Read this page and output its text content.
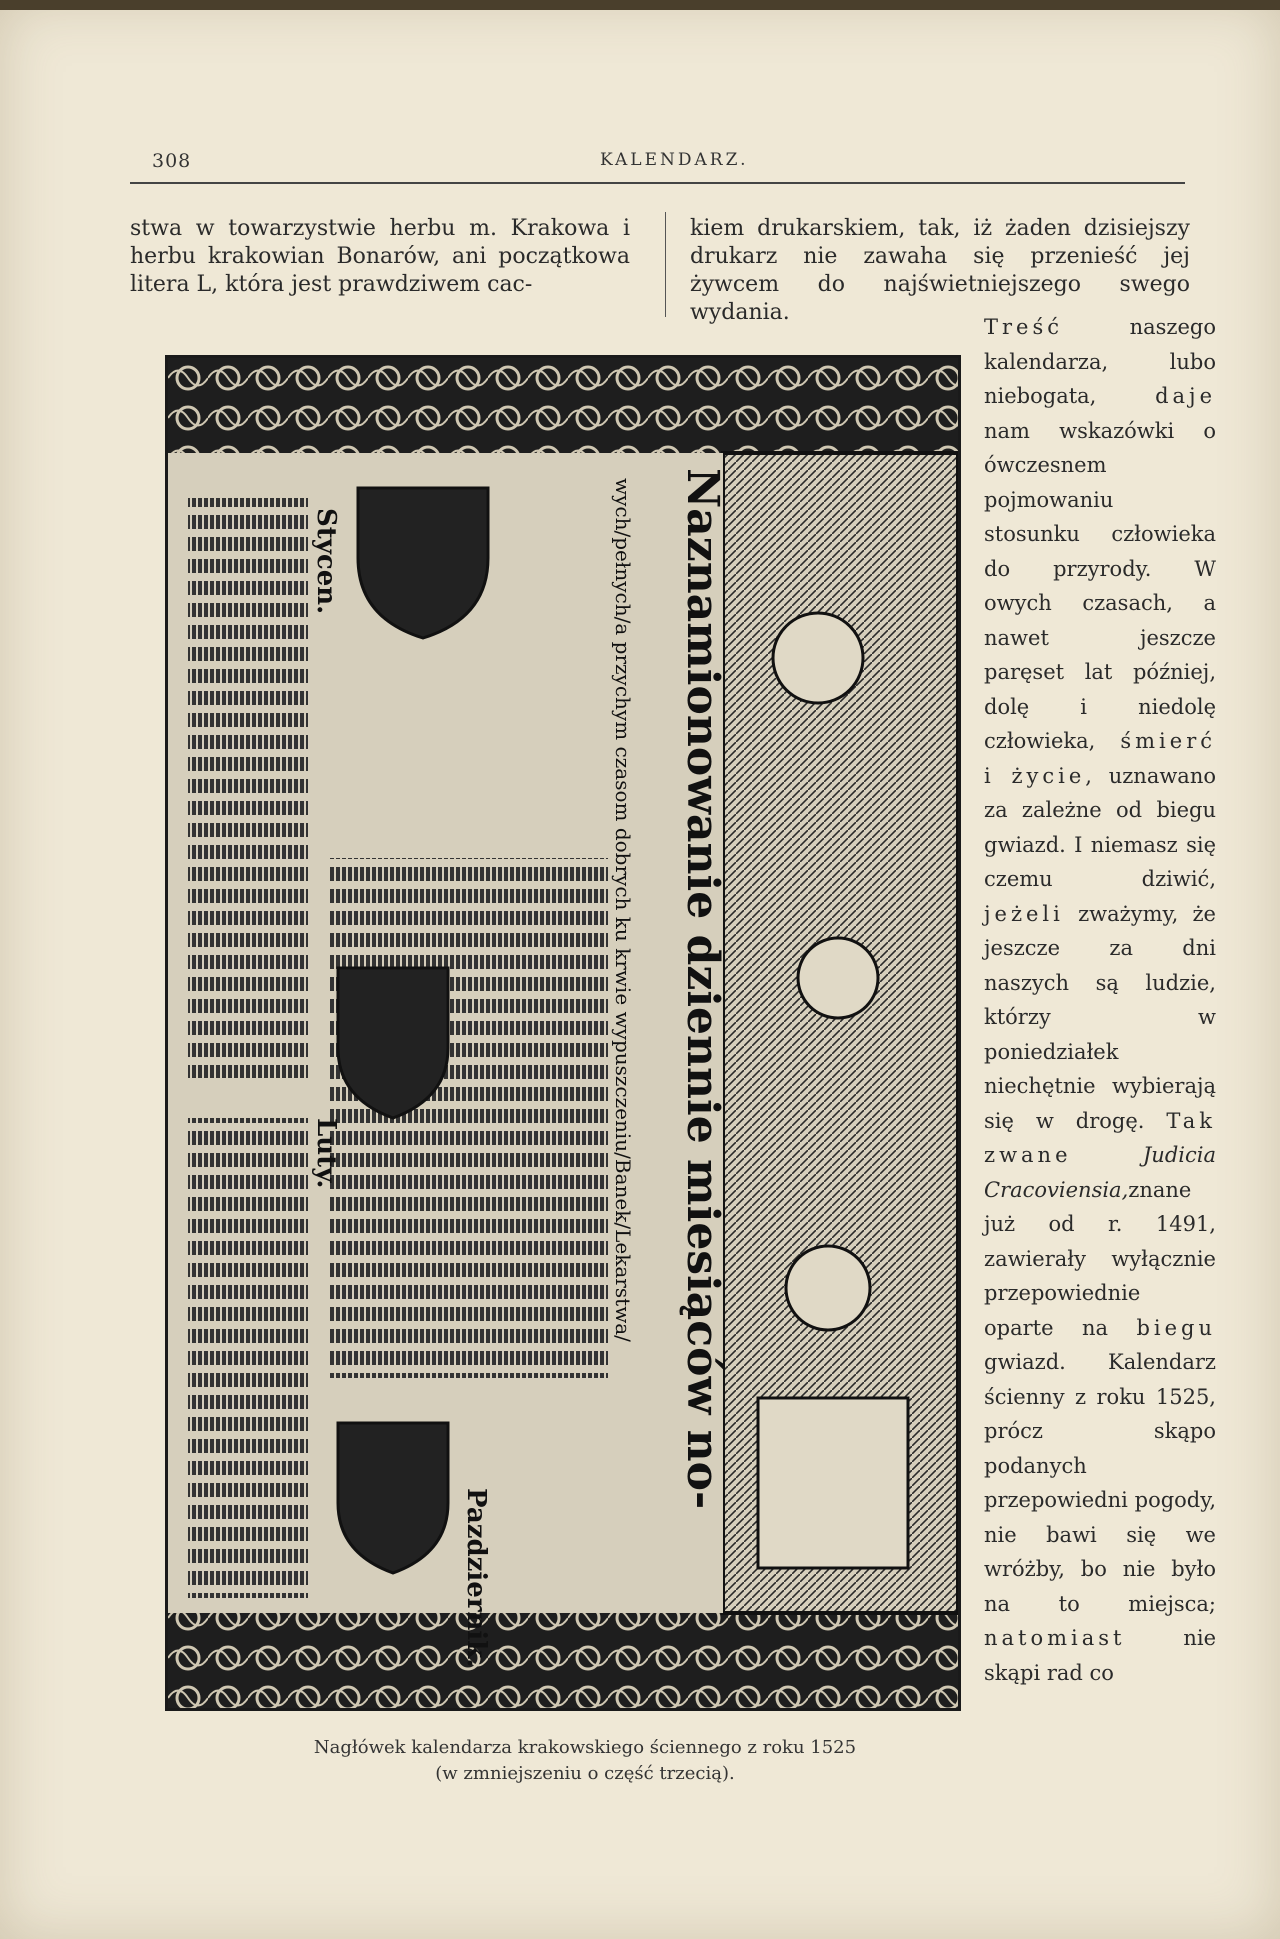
308	KALENDARZ.
stwa w towarzystwie herbu m. Krakowa i herbu krakowian Bonarów, ani początkowa litera L, która jest prawdziwem cac-
kiem drukarskiem, tak, iż żaden dzisiejszy drukarz nie zawaha się przenieść jej żywcem do najświetniejszego swego wydania.
Treść	naszego kalendarza, lubo niebogata,	daje nam wskazówki o ówczesnem pojmowaniu stosunku człowieka do przyrody. W owych czasach, a nawet jeszcze paręset lat później, dolę i niedolę człowieka, śmierć i życie, uznawano za zależne od biegu gwiazd. I niemasz się czemu dziwić, jeżeli zważymy, że jeszcze za dni naszych są ludzie, którzy w poniedziałek niechętnie wybierają się w drogę. Tak zwane	Judicia Cracoviensia,znane już od r. 1491, zawierały wyłącznie przepowiednie oparte na biegu gwiazd. Kalendarz ścienny z roku 1525, prócz skąpo podanych przepowiedni pogody, nie bawi się we wróżby, bo nie było na to miejsca; natomiast	nie skąpi rad co
Naznamionowanie dziennie miesiąców no-
wych/pełnych/a przychym czasom dobrych ku krwie wypuszczeniu/Banek/Lekarstwa/
Stycen.
Luty.
Pazdziernik.
Nagłówek kalendarza krakowskiego ściennego z roku 1525
(w zmniejszeniu o część trzecią).
